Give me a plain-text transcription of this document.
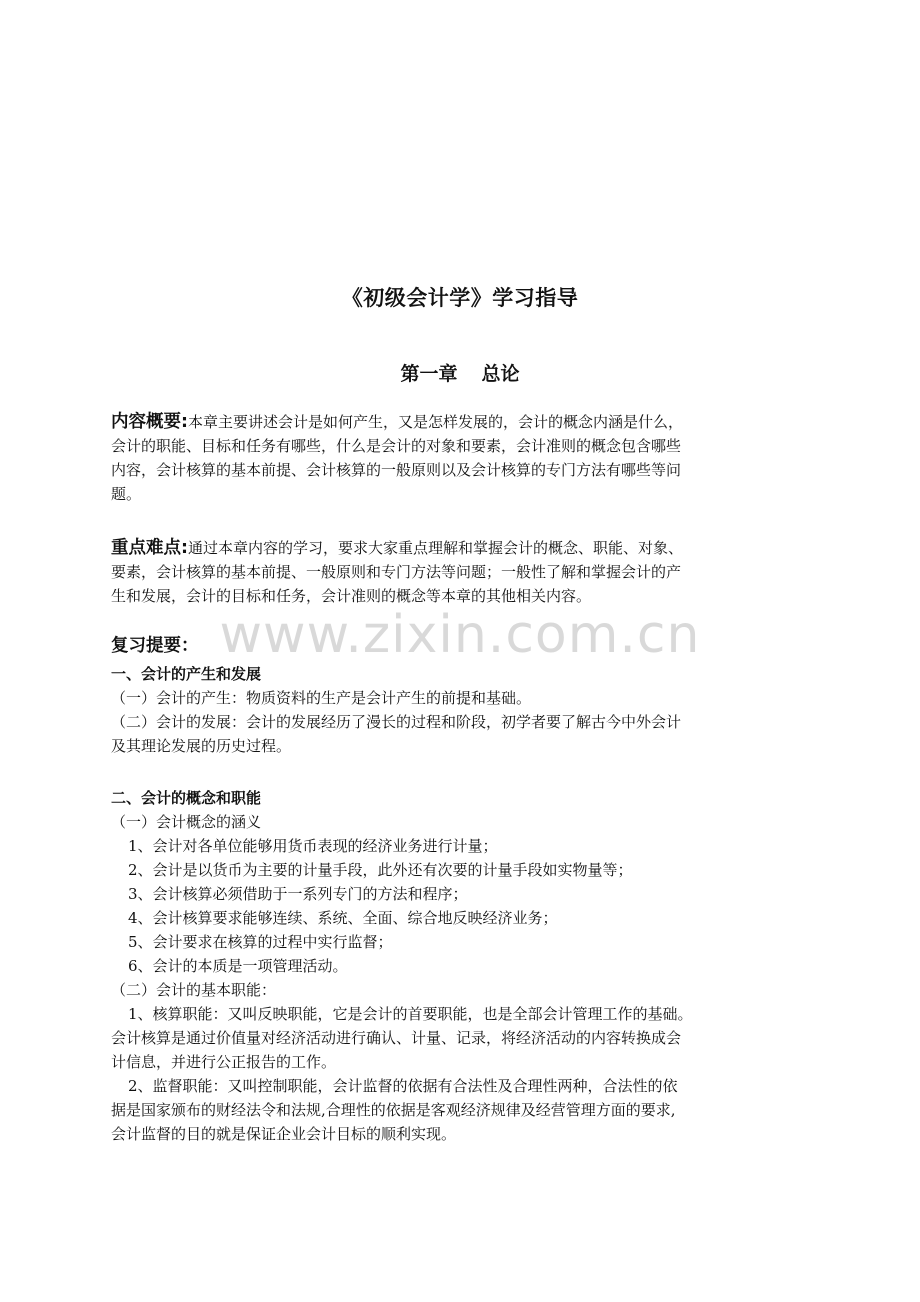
www.zixin.com.cn
《初级会计学》学习指导
第一章 总论
内容概要:本章主要讲述会计是如何产生，又是怎样发展的，会计的概念内涵是什么，
会计的职能、目标和任务有哪些，什么是会计的对象和要素，会计准则的概念包含哪些
内容，会计核算的基本前提、会计核算的一般原则以及会计核算的专门方法有哪些等问
题。
重点难点:通过本章内容的学习，要求大家重点理解和掌握会计的概念、职能、对象、
要素，会计核算的基本前提、一般原则和专门方法等问题；一般性了解和掌握会计的产
生和发展，会计的目标和任务，会计准则的概念等本章的其他相关内容。
复习提要：
一、会计的产生和发展
（一）会计的产生：物质资料的生产是会计产生的前提和基础。
（二）会计的发展：会计的发展经历了漫长的过程和阶段，初学者要了解古今中外会计
及其理论发展的历史过程。
二、会计的概念和职能
（一）会计概念的涵义
1、会计对各单位能够用货币表现的经济业务进行计量；
2、会计是以货币为主要的计量手段，此外还有次要的计量手段如实物量等；
3、会计核算必须借助于一系列专门的方法和程序；
4、会计核算要求能够连续、系统、全面、综合地反映经济业务；
5、会计要求在核算的过程中实行监督；
6、会计的本质是一项管理活动。
（二）会计的基本职能：
1、核算职能：又叫反映职能，它是会计的首要职能，也是全部会计管理工作的基础。
会计核算是通过价值量对经济活动进行确认、计量、记录，将经济活动的内容转换成会
计信息，并进行公正报告的工作。
2、监督职能：又叫控制职能，会计监督的依据有合法性及合理性两种，合法性的依
据是国家颁布的财经法令和法规,合理性的依据是客观经济规律及经营管理方面的要求,
会计监督的目的就是保证企业会计目标的顺利实现。
